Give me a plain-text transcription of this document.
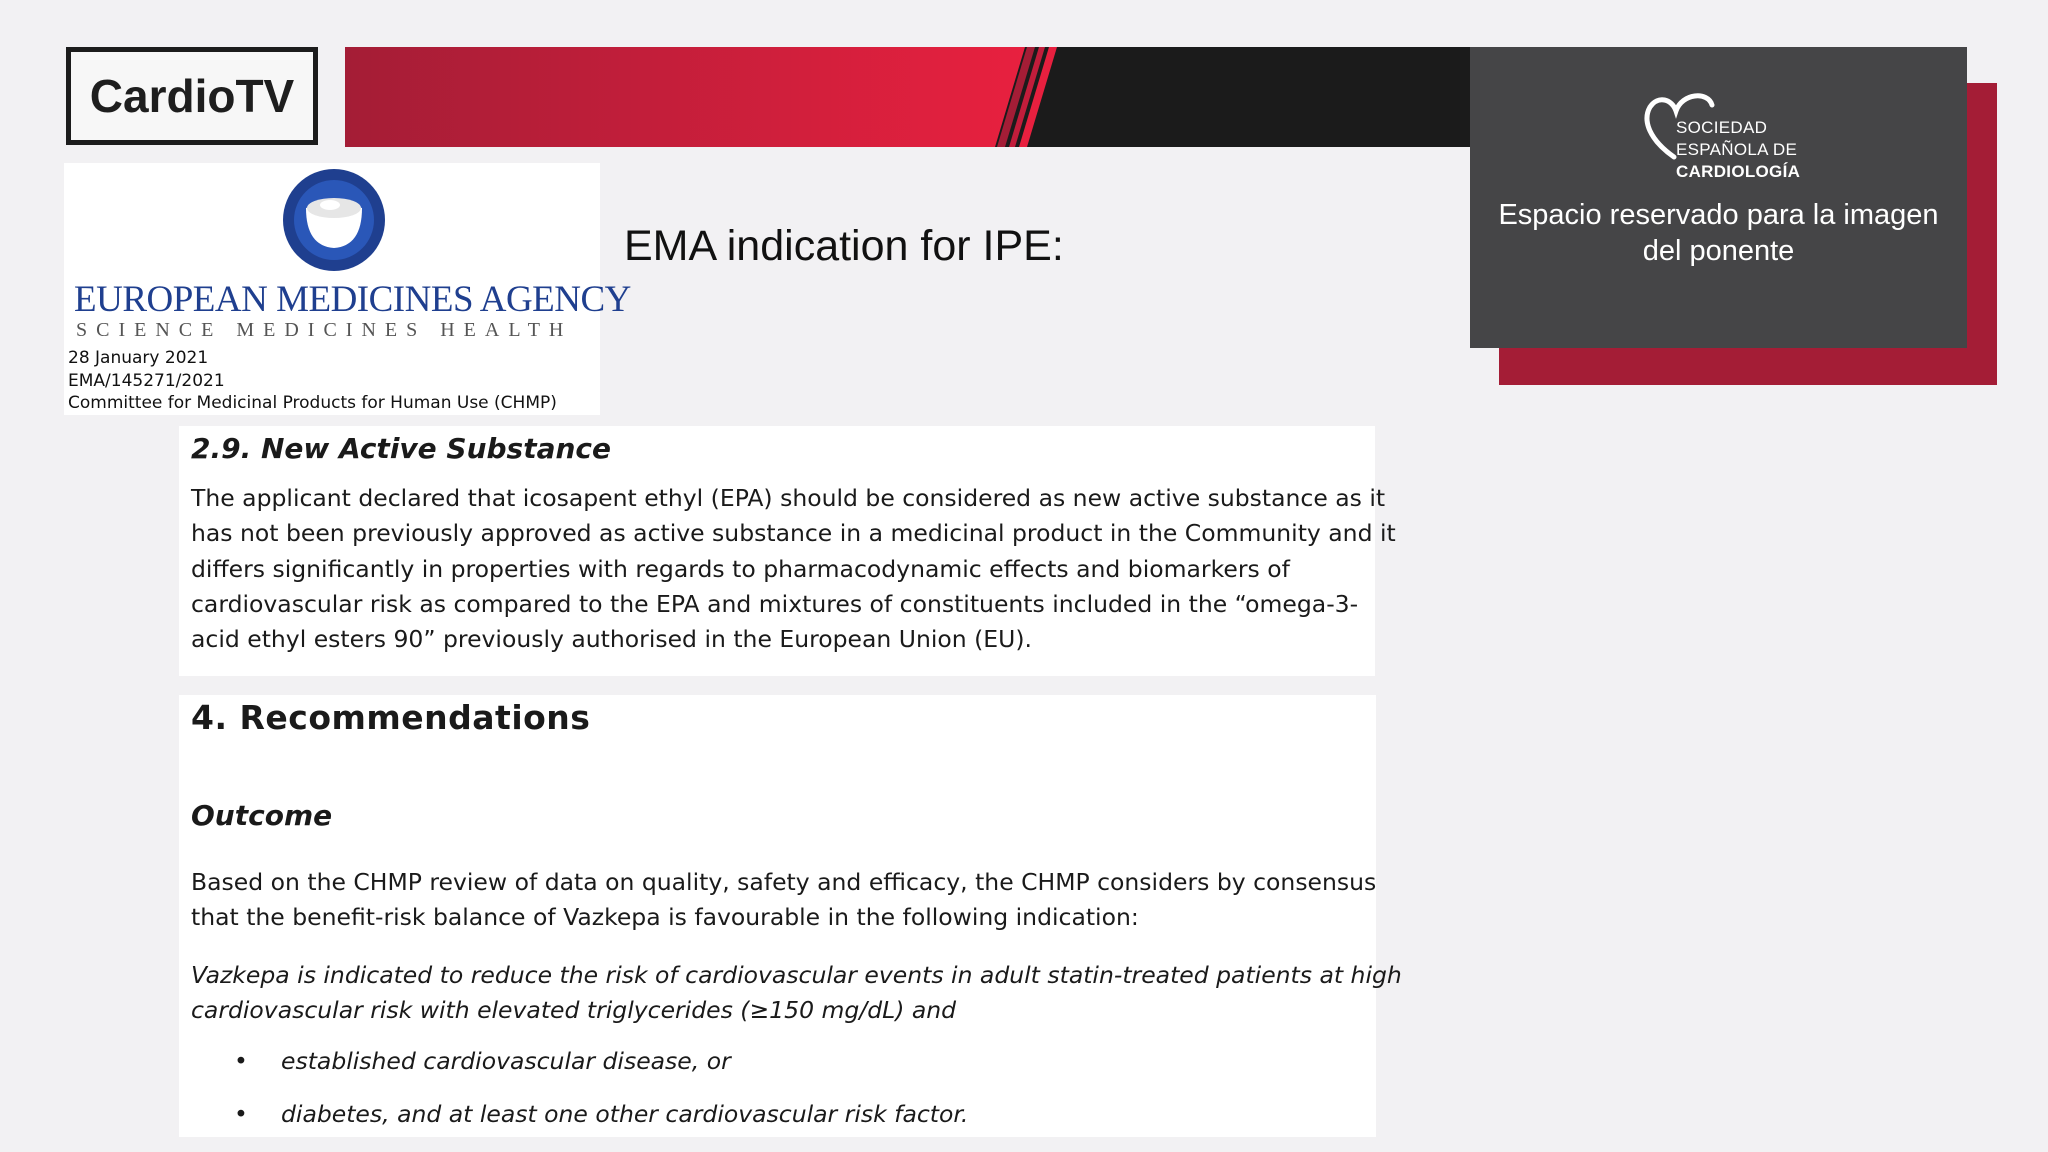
CardioTV
SOCIEDAD
ESPAÑOLA DE
CARDIOLOGÍA
Espacio reservado para la imagen
del ponente
EUROPEAN MEDICINES AGENCY
SCIENCE MEDICINES HEALTH
28 January 2021
EMA/145271/2021
Committee for Medicinal Products for Human Use (CHMP)
EMA indication for IPE:
2.9. New Active Substance
The applicant declared that icosapent ethyl (EPA) should be considered as new active substance as it
has not been previously approved as active substance in a medicinal product in the Community and it
differs significantly in properties with regards to pharmacodynamic effects and biomarkers of
cardiovascular risk as compared to the EPA and mixtures of constituents included in the “omega-3-
acid ethyl esters 90” previously authorised in the European Union (EU).
4. Recommendations
Outcome
Based on the CHMP review of data on quality, safety and efficacy, the CHMP considers by consensus
that the benefit-risk balance of Vazkepa is favourable in the following indication:
Vazkepa is indicated to reduce the risk of cardiovascular events in adult statin-treated patients at high
cardiovascular risk with elevated triglycerides (≥150 mg/dL) and
• established cardiovascular disease, or
• diabetes, and at least one other cardiovascular risk factor.
